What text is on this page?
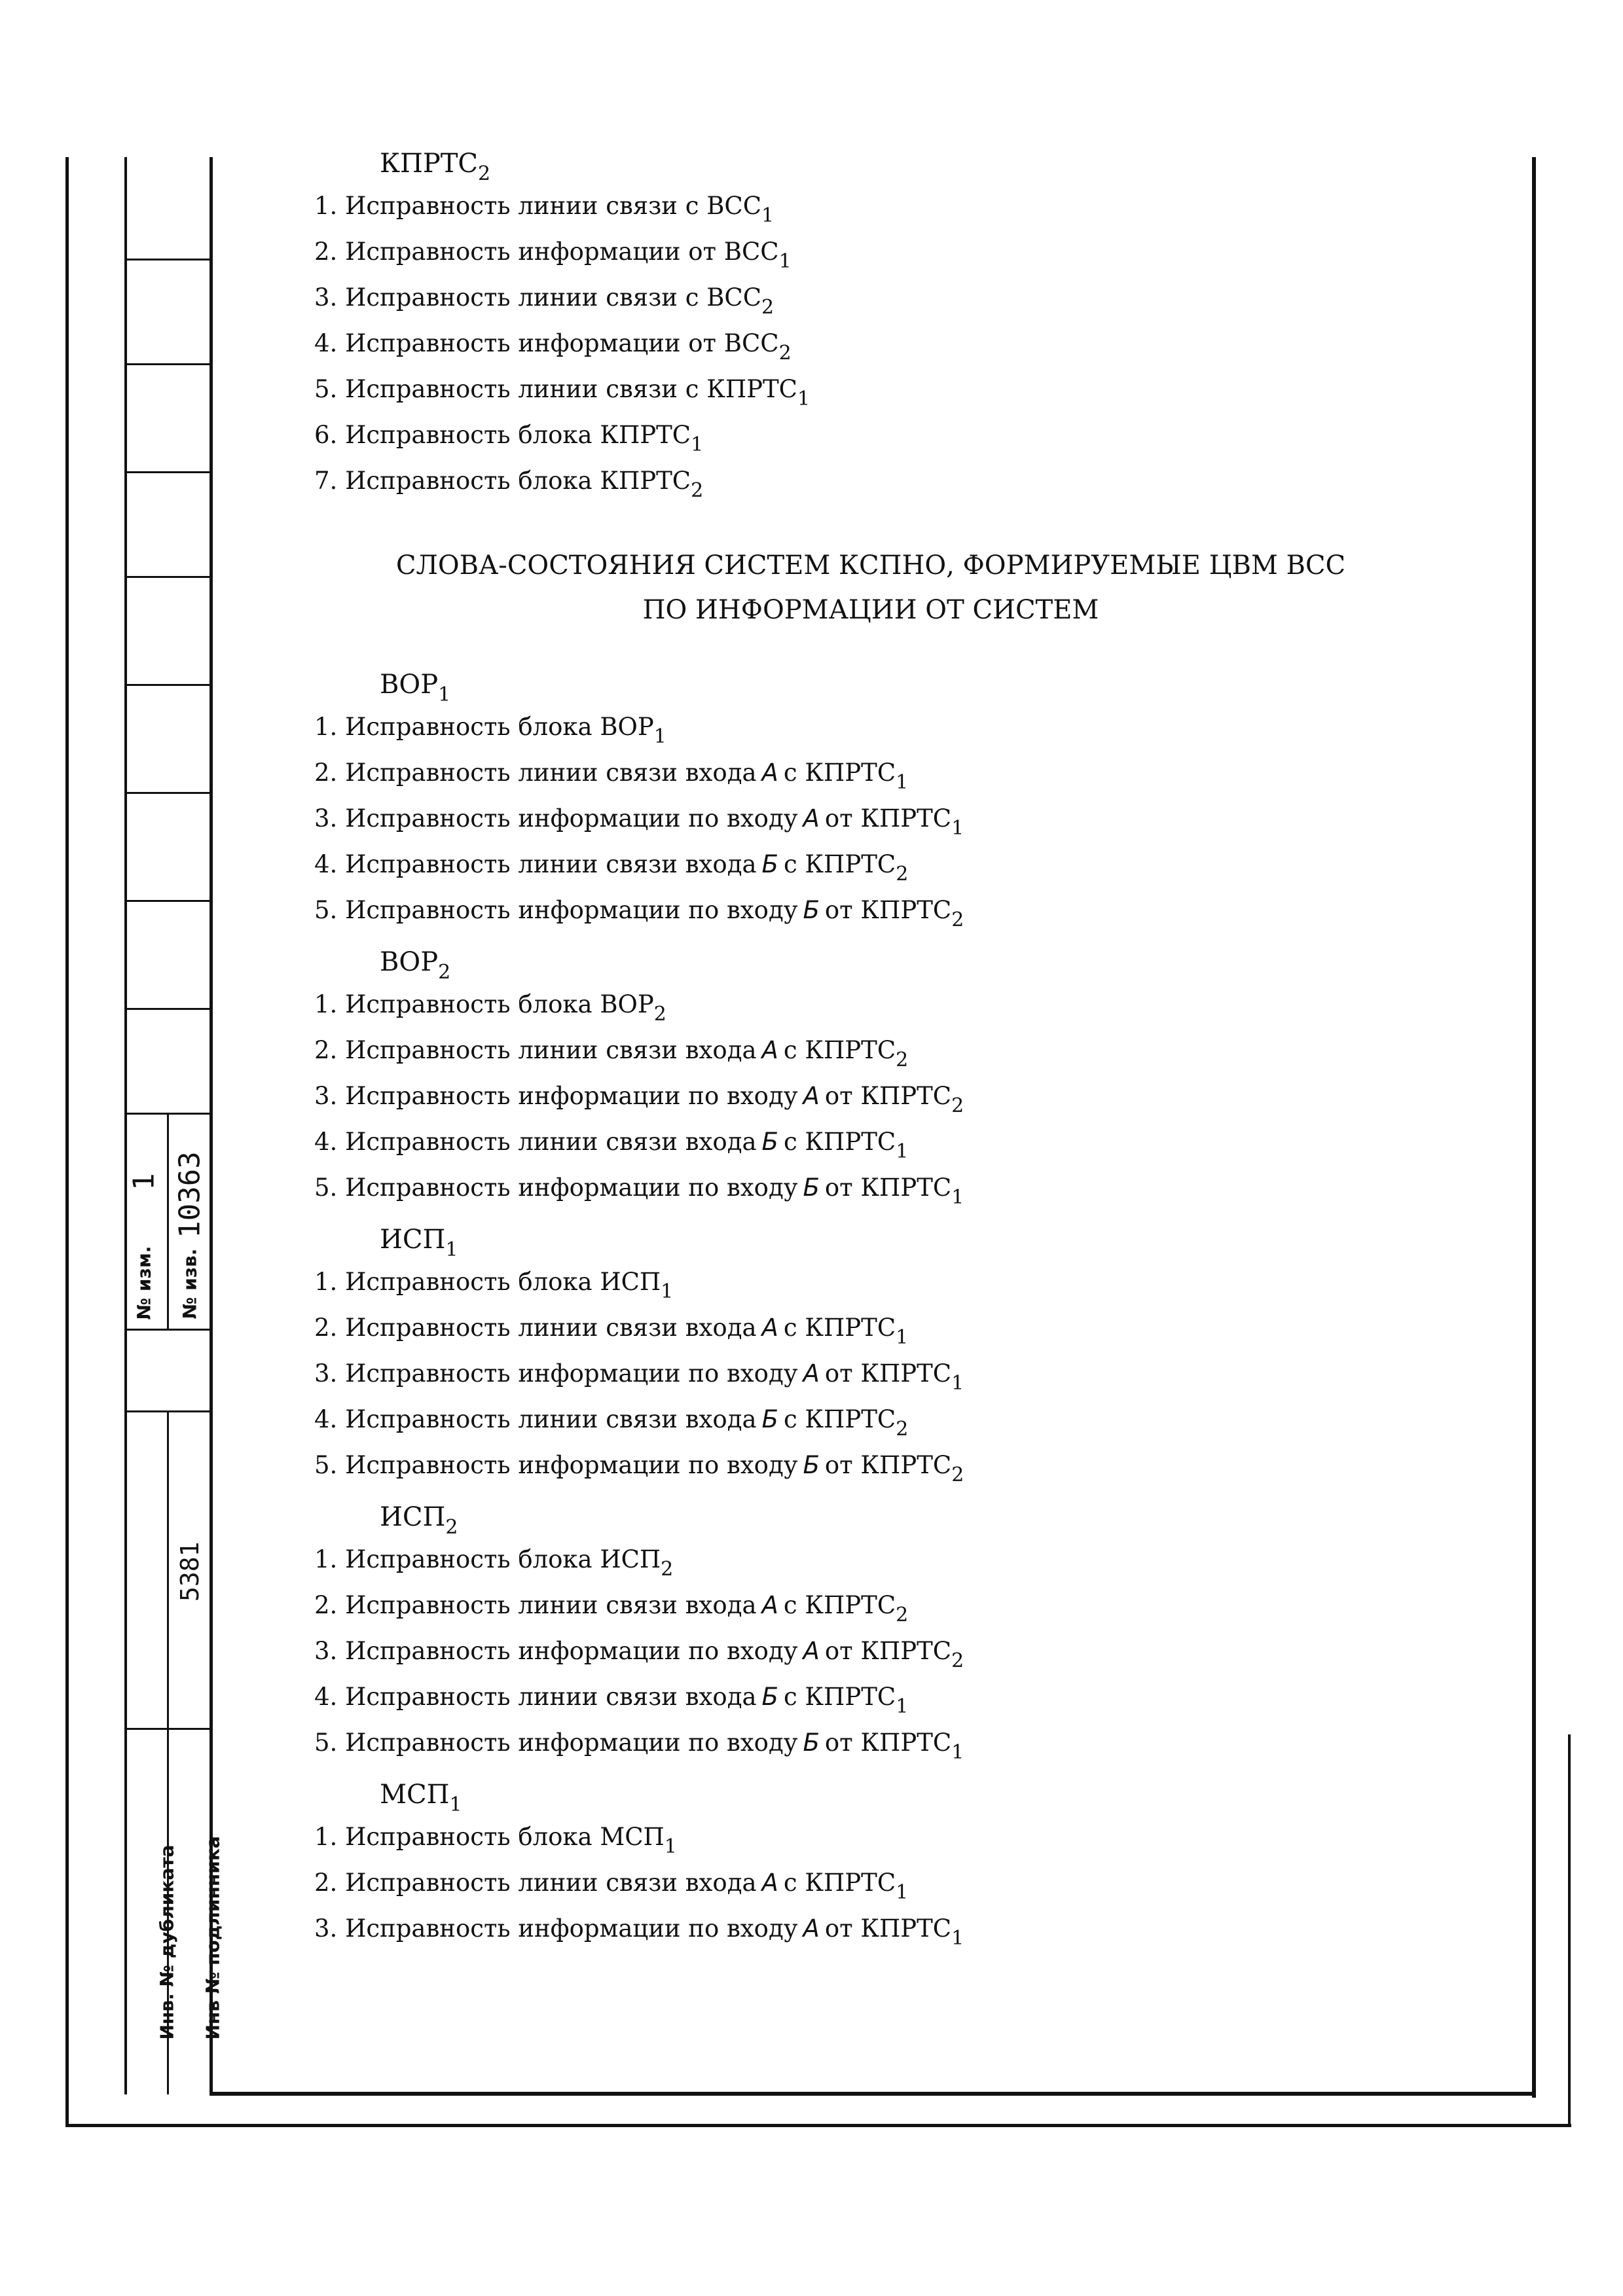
№ изм.
1
№ изв.
10363
5381
Инв. № дубликата Инв № подлинника
$КПРТС_2$
1. Исправность линии связи с $ВСС_1$
2. Исправность информации от $ВСС_1$
3. Исправность линии связи с $ВСС_2$
4. Исправность информации от $ВСС_2$
5. Исправность линии связи с $КПРТС_1$
6. Исправность блока $КПРТС_1$
7. Исправность блока $КПРТС_2$
СЛОВА-СОСТОЯНИЯ СИСТЕМ КСПНО, ФОРМИРУЕМЫЕ ЦВМ ВСС
ПО ИНФОРМАЦИИ ОТ СИСТЕМ
$ВОР_1$
1. Исправность блока $ВОР_1$
2. Исправность линии связи входа А с $КПРТС_1$
3. Исправность информации по входу А от $КПРТС_1$
4. Исправность линии связи входа Б с $КПРТС_2$
5. Исправность информации по входу Б от $КПРТС_2$
$ВОР_2$
1. Исправность блока $ВОР_2$
2. Исправность линии связи входа А с $КПРТС_2$
3. Исправность информации по входу А от $КПРТС_2$
4. Исправность линии связи входа Б с $КПРТС_1$
5. Исправность информации по входу Б от $КПРТС_1$
$ИСП_1$
1. Исправность блока $ИСП_1$
2. Исправность линии связи входа А с $КПРТС_1$
3. Исправность информации по входу А от $КПРТС_1$
4. Исправность линии связи входа Б с $КПРТС_2$
5. Исправность информации по входу Б от $КПРТС_2$
$ИСП_2$
1. Исправность блока $ИСП_2$
2. Исправность линии связи входа А с $КПРТС_2$
3. Исправность информации по входу А от $КПРТС_2$
4. Исправность линии связи входа Б с $КПРТС_1$
5. Исправность информации по входу Б от $КПРТС_1$
$МСП_1$
1. Исправность блока $МСП_1$
2. Исправность линии связи входа А с $КПРТС_1$
3. Исправность информации по входу А от $КПРТС_1$
